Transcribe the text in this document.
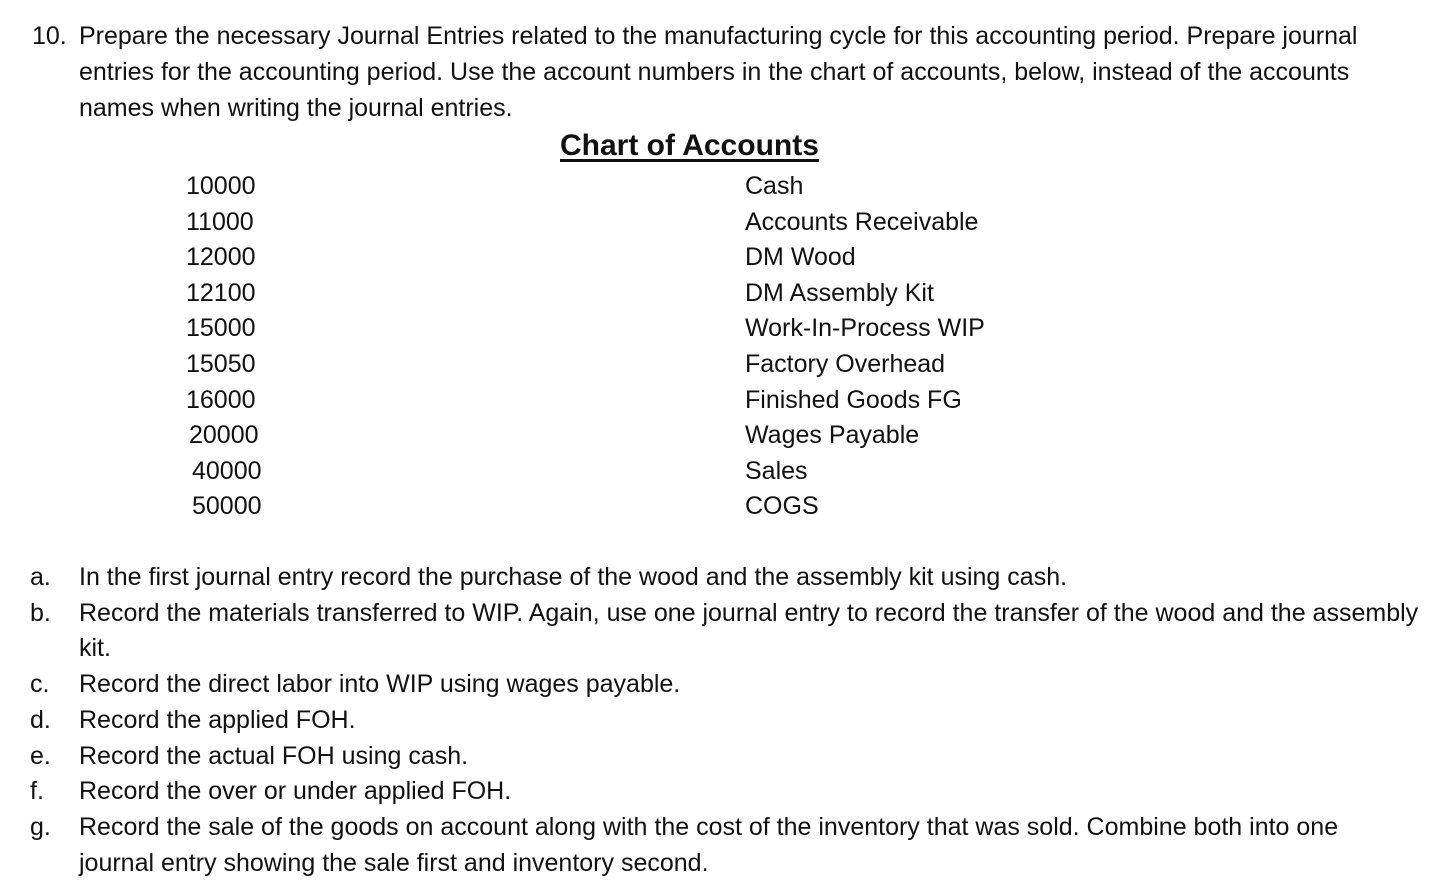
10. Prepare the necessary Journal Entries related to the manufacturing cycle for this accounting period. Prepare journal entries for the accounting period. Use the account numbers in the chart of accounts, below, instead of the accounts names when writing the journal entries.
Chart of Accounts
10000	Cash
11000	Accounts Receivable
12000	DM Wood
12100	DM Assembly Kit
15000	Work-In-Process WIP
15050	Factory Overhead
16000	Finished Goods FG
20000	Wages Payable
40000	Sales
50000	COGS
a.	In the first journal entry record the purchase of the wood and the assembly kit using cash.
b.	Record the materials transferred to WIP. Again, use one journal entry to record the transfer of the wood and the assembly kit.
c.	Record the direct labor into WIP using wages payable.
d.	Record the applied FOH.
e.	Record the actual FOH using cash.
f.	Record the over or under applied FOH.
g.	Record the sale of the goods on account along with the cost of the inventory that was sold. Combine both into one journal entry showing the sale first and inventory second.
